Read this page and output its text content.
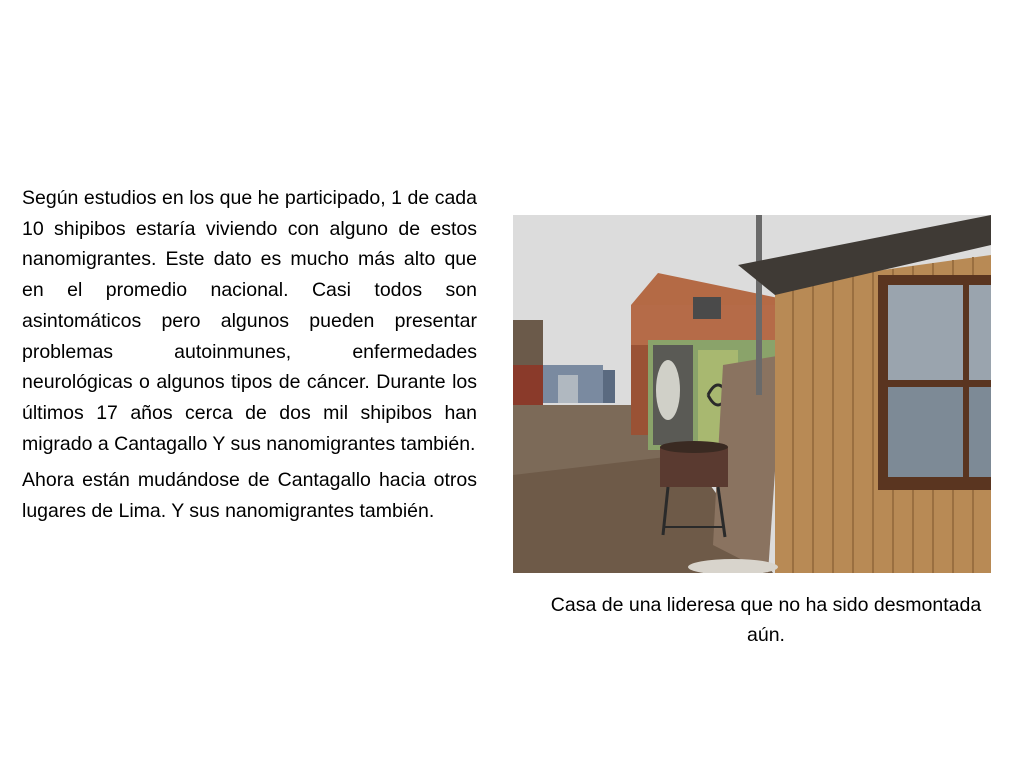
Según estudios en los que he participado, 1 de cada 10 shipibos estaría viviendo con alguno de estos nanomigrantes. Este dato es mucho más alto que en el promedio nacional. Casi todos son asintomáticos pero algunos pueden presentar problemas autoinmunes, enfermedades neurológicas o algunos tipos de cáncer. Durante los últimos 17 años cerca de dos mil shipibos han migrado a Cantagallo Y sus nanomigrantes también.

Ahora están mudándose de Cantagallo hacia otros lugares de Lima. Y sus nanomigrantes también.

Casa de una lideresa que no ha sido desmontada aún.
